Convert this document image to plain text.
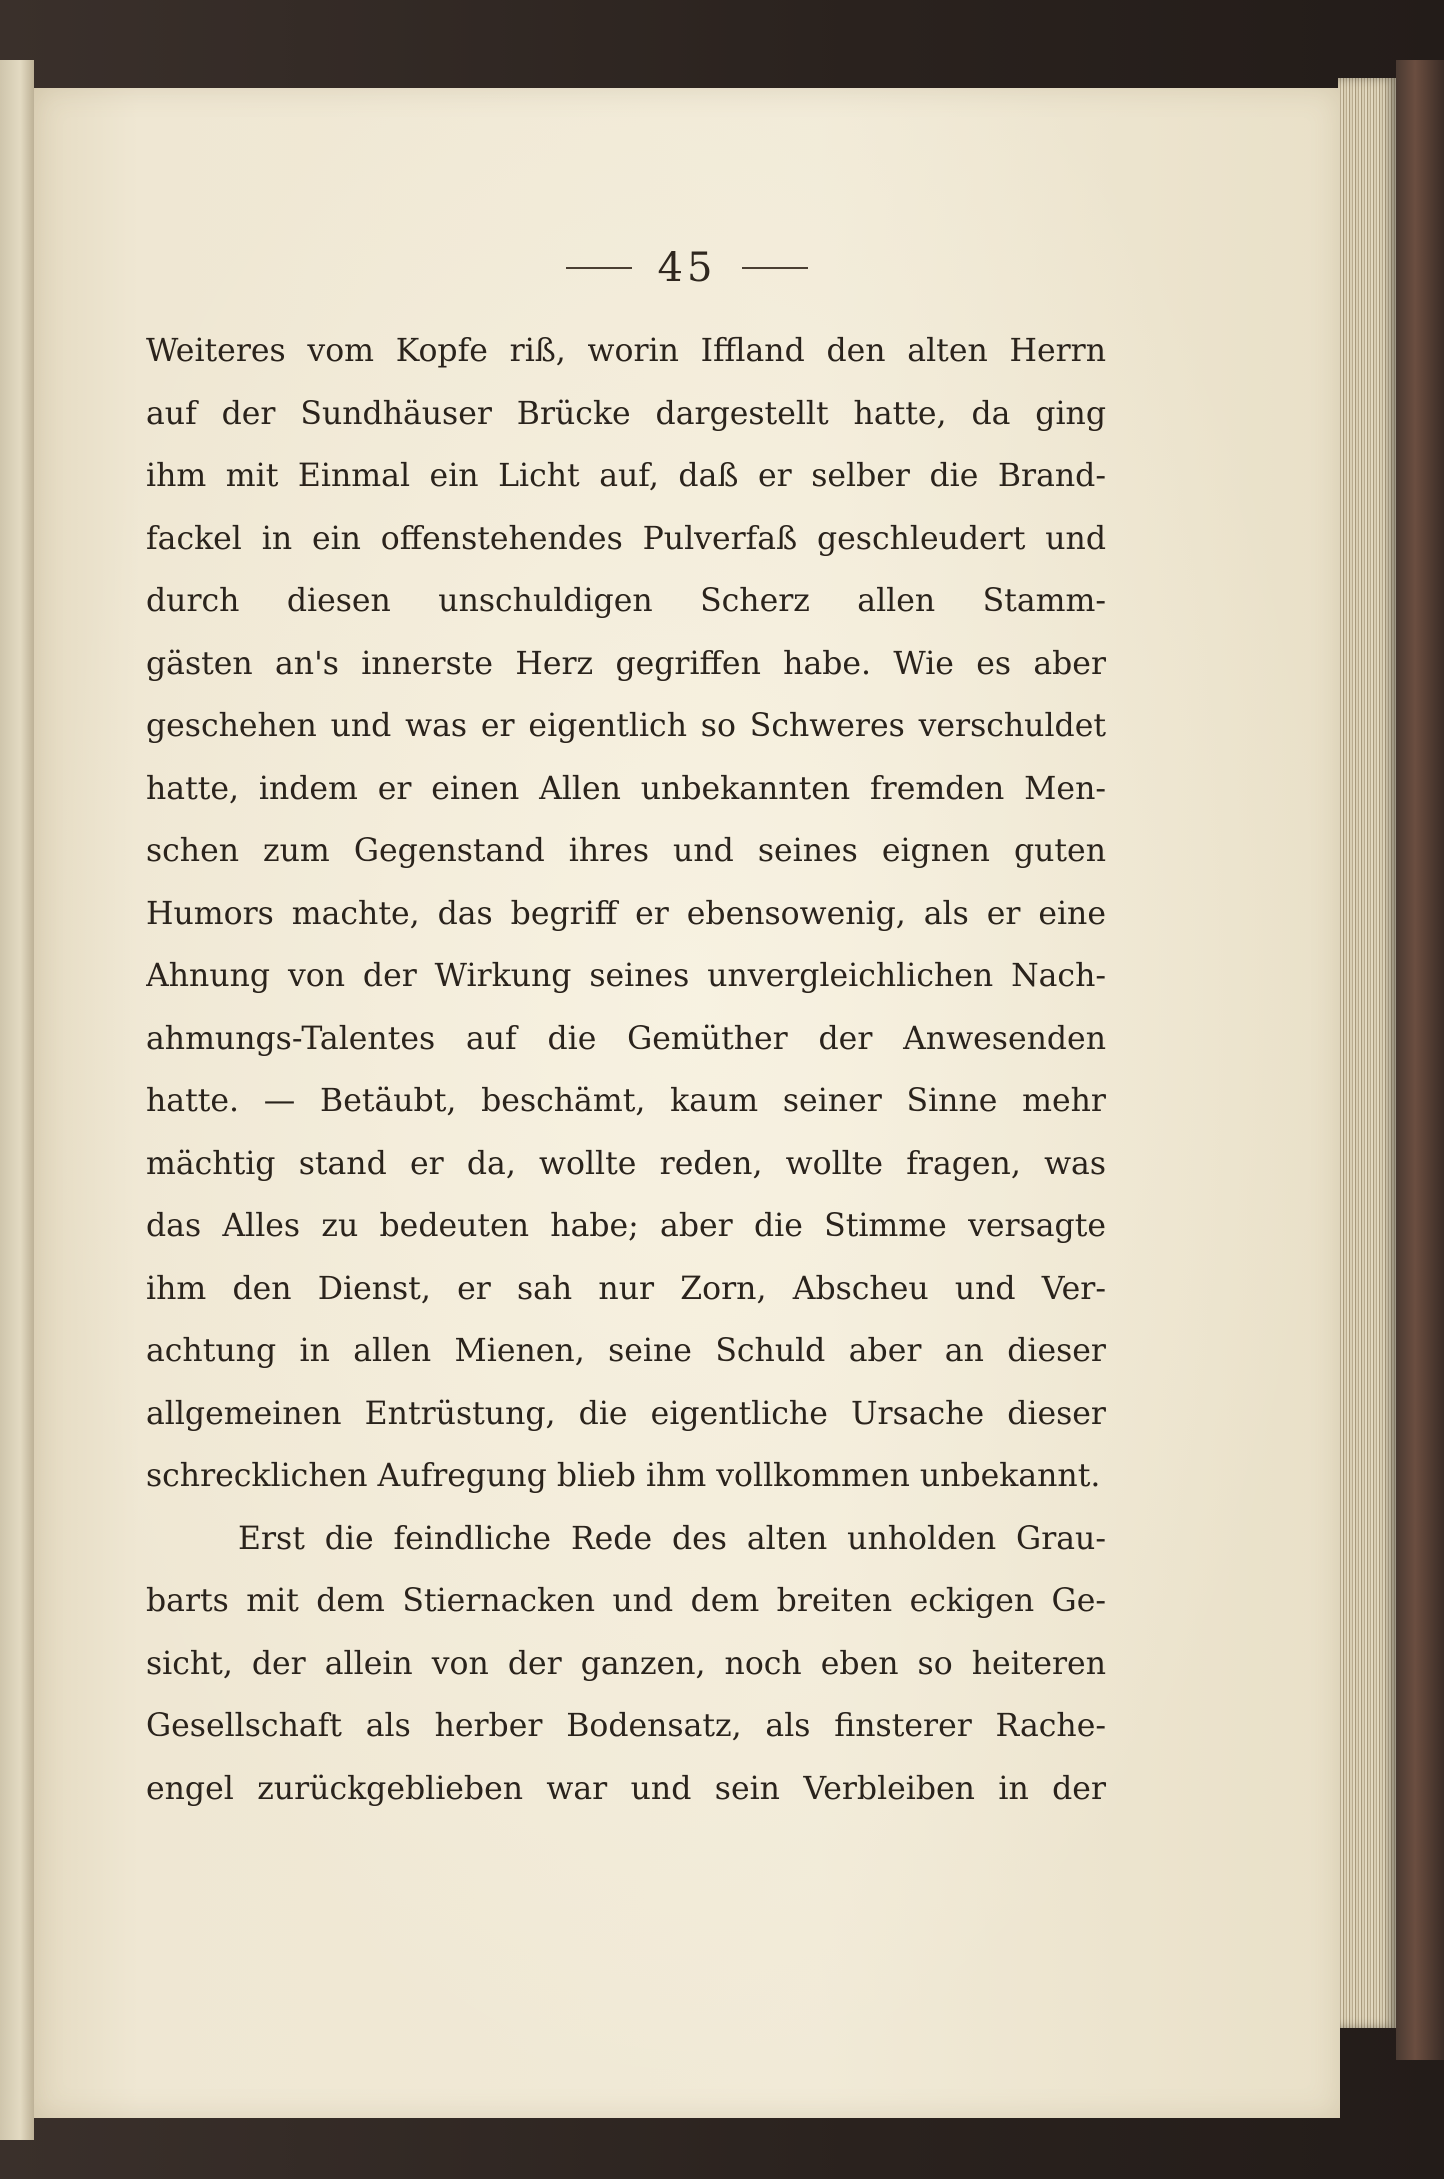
45
Weiteres vom Kopfe riß, worin Iffland den alten Herrn
auf der Sundhäuser Brücke dargestellt hatte, da ging
ihm mit Einmal ein Licht auf, daß er selber die Brand-
fackel in ein offenstehendes Pulverfaß geschleudert und
durch diesen unschuldigen Scherz allen Stamm-
gästen an's innerste Herz gegriffen habe. Wie es aber
geschehen und was er eigentlich so Schweres verschuldet
hatte, indem er einen Allen unbekannten fremden Men-
schen zum Gegenstand ihres und seines eignen guten
Humors machte, das begriff er ebensowenig, als er eine
Ahnung von der Wirkung seines unvergleichlichen Nach-
ahmungs-Talentes auf die Gemüther der Anwesenden
hatte. — Betäubt, beschämt, kaum seiner Sinne mehr
mächtig stand er da, wollte reden, wollte fragen, was
das Alles zu bedeuten habe; aber die Stimme versagte
ihm den Dienst, er sah nur Zorn, Abscheu und Ver-
achtung in allen Mienen, seine Schuld aber an dieser
allgemeinen Entrüstung, die eigentliche Ursache dieser
schrecklichen Aufregung blieb ihm vollkommen unbekannt.
Erst die feindliche Rede des alten unholden Grau-
barts mit dem Stiernacken und dem breiten eckigen Ge-
sicht, der allein von der ganzen, noch eben so heiteren
Gesellschaft als herber Bodensatz, als finsterer Rache-
engel zurückgeblieben war und sein Verbleiben in der
